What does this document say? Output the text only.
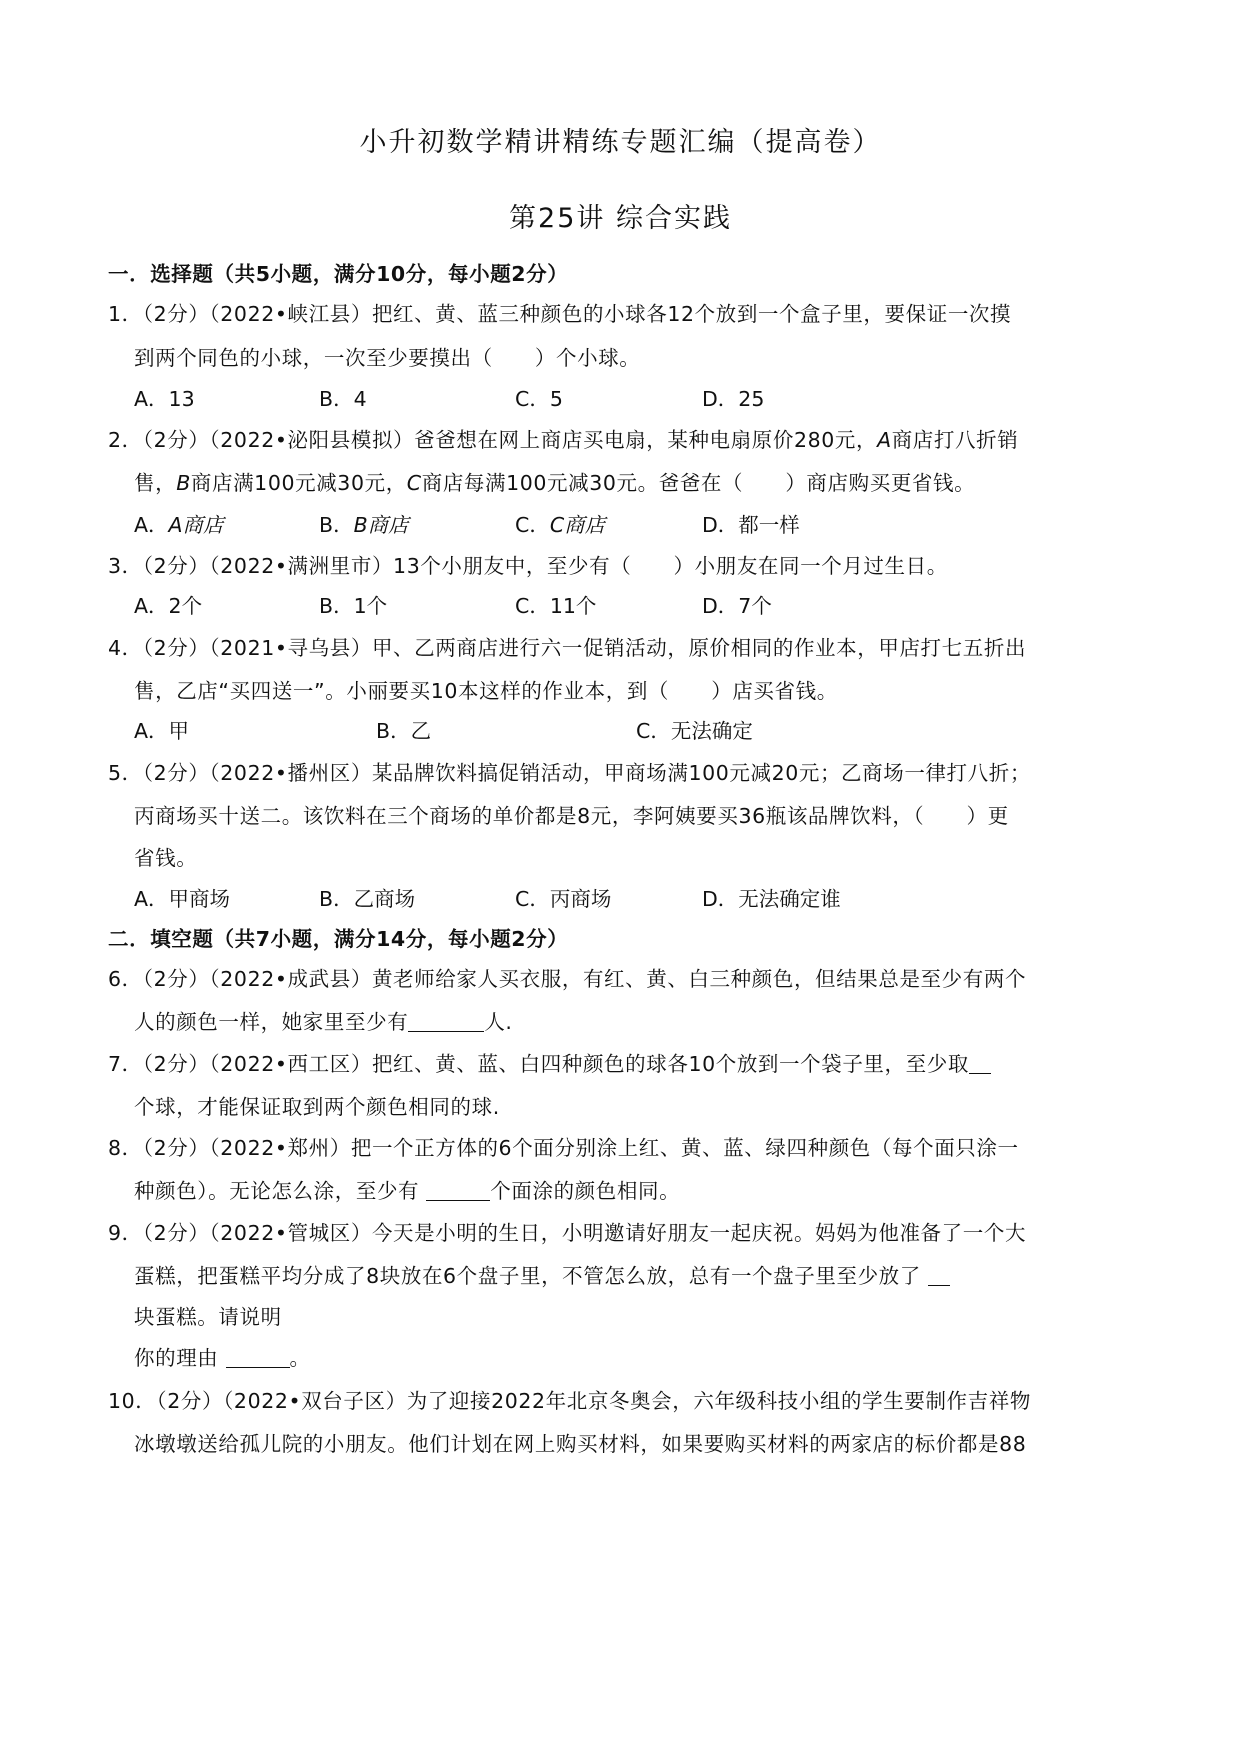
小升初数学精讲精练专题汇编（提高卷）
第25讲 综合实践
一．选择题（共5小题，满分10分，每小题2分）
1．（2分）（2022•峡江县）把红、黄、蓝三种颜色的小球各12个放到一个盒子里，要保证一次摸
到两个同色的小球，一次至少要摸出（　　）个小球。
A．13	B．4	C．5	D．25
2．（2分）（2022•泌阳县模拟）爸爸想在网上商店买电扇，某种电扇原价280元，A商店打八折销
售，B商店满100元减30元，C商店每满100元减30元。爸爸在（　　）商店购买更省钱。
A．A商店	B．B商店	C．C商店	D．都一样
3．（2分）（2022•满洲里市）13个小朋友中，至少有（　　）小朋友在同一个月过生日。
A．2个	B．1个	C．11个	D．7个
4．（2分）（2021•寻乌县）甲、乙两商店进行六一促销活动，原价相同的作业本，甲店打七五折出
售，乙店“买四送一”。小丽要买10本这样的作业本，到（　　）店买省钱。
A．甲	B．乙	C．无法确定
5．（2分）（2022•播州区）某品牌饮料搞促销活动，甲商场满100元减20元；乙商场一律打八折；
丙商场买十送二。该饮料在三个商场的单价都是8元，李阿姨要买36瓶该品牌饮料，（　　）更
省钱。
A．甲商场	B．乙商场	C．丙商场	D．无法确定谁
二．填空题（共7小题，满分14分，每小题2分）
6．（2分）（2022•成武县）黄老师给家人买衣服，有红、黄、白三种颜色，但结果总是至少有两个
人的颜色一样，她家里至少有	人.
7．（2分）（2022•西工区）把红、黄、蓝、白四种颜色的球各10个放到一个袋子里，至少取
个球，才能保证取到两个颜色相同的球.
8．（2分）（2022•郑州）把一个正方体的6个面分别涂上红、黄、蓝、绿四种颜色（每个面只涂一
种颜色）。无论怎么涂，至少有	个面涂的颜色相同。
9．（2分）（2022•管城区）今天是小明的生日，小明邀请好朋友一起庆祝。妈妈为他准备了一个大
蛋糕，把蛋糕平均分成了8块放在6个盘子里，不管怎么放，总有一个盘子里至少放了
块蛋糕。请说明
你的理由	。
10．（2分）（2022•双台子区）为了迎接2022年北京冬奥会，六年级科技小组的学生要制作吉祥物
冰墩墩送给孤儿院的小朋友。他们计划在网上购买材料，如果要购买材料的两家店的标价都是88
